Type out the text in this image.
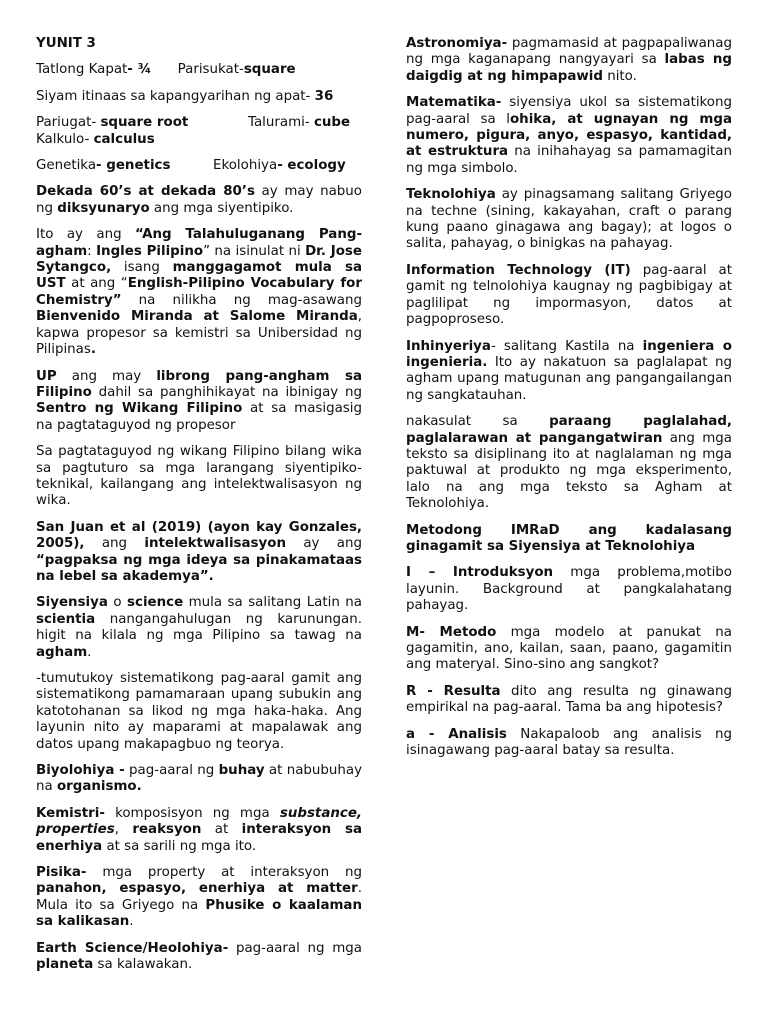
YUNIT 3

Tatlong Kapat- ¾ Parisukat-square

Siyam itinaas sa kapangyarihan ng apat- 36

Pariugat- square root	Talurami- cube

Kalkulo- calculus

Genetika- genetics	Ekolohiya- ecology

Dekada 60’s at dekada 80’s ay may nabuo ng diksyunaryo ang mga siyentipiko.

Ito ay ang “Ang Talahuluganang Pang-agham: Ingles Pilipino” na isinulat ni Dr. Jose Sytangco, isang manggagamot mula sa UST at ang “English-Pilipino Vocabulary for Chemistry” na nilikha ng mag-asawang Bienvenido Miranda at Salome Miranda, kapwa propesor sa kemistri sa Unibersidad ng Pilipinas.

UP ang may librong pang-angham sa Filipino dahil sa panghihikayat na ibinigay ng Sentro ng Wikang Filipino at sa masigasig na pagtataguyod ng propesor

Sa pagtataguyod ng wikang Filipino bilang wika sa pagtuturo sa mga larangang siyentipiko-teknikal, kailangang ang intelektwalisasyon ng wika.

San Juan et al (2019) (ayon kay Gonzales, 2005), ang intelektwalisasyon ay ang “pagpaksa ng mga ideya sa pinakamataas na lebel sa akademya”.

Siyensiya o science mula sa salitang Latin na scientia nangangahulugan ng karunungan. higit na kilala ng mga Pilipino sa tawag na agham.

-tumutukoy sistematikong pag-aaral gamit ang sistematikong pamamaraan upang subukin ang katotohanan sa likod ng mga haka-haka. Ang layunin nito ay maparami at mapalawak ang datos upang makapagbuo ng teorya.

Biyolohiya - pag-aaral ng buhay at nabubuhay na organismo.

Kemistri- komposisyon ng mga substance, properties, reaksyon at interaksyon sa enerhiya at sa sarili ng mga ito.

Pisika- mga property at interaksyon ng panahon, espasyo, enerhiya at matter. Mula ito sa Griyego na Phusike o kaalaman sa kalikasan.

Earth Science/Heolohiya- pag-aaral ng mga planeta sa kalawakan.

Astronomiya- pagmamasid at pagpapaliwanag ng mga kaganapang nangyayari sa labas ng daigdig at ng himpapawid nito.

Matematika- siyensiya ukol sa sistematikong pag-aaral sa lohika, at ugnayan ng mga numero, pigura, anyo, espasyo, kantidad, at estruktura na inihahayag sa pamamagitan ng mga simbolo.

Teknolohiya ay pinagsamang salitang Griyego na techne (sining, kakayahan, craft o parang kung paano ginagawa ang bagay); at logos o salita, pahayag, o binigkas na pahayag.

Information Technology (IT) pag-aaral at gamit ng telnolohiya kaugnay ng pagbibigay at paglilipat ng impormasyon, datos at pagpoproseso.

Inhinyeriya- salitang Kastila na ingeniera o ingenieria. Ito ay nakatuon sa paglalapat ng agham upang matugunan ang pangangailangan ng sangkatauhan.

nakasulat sa paraang paglalahad, paglalarawan at pangangatwiran ang mga teksto sa disiplinang ito at naglalaman ng mga paktuwal at produkto ng mga eksperimento, lalo na ang mga teksto sa Agham at Teknolohiya.

Metodong IMRaD ang kadalasang ginagamit sa Siyensiya at Teknolohiya

I – Introduksyon mga problema,motibo layunin. Background at pangkalahatang pahayag.

M- Metodo mga modelo at panukat na gagamitin, ano, kailan, saan, paano, gagamitin ang materyal. Sino-sino ang sangkot?

R - Resulta dito ang resulta ng ginawang empirikal na pag-aaral. Tama ba ang hipotesis?

a - Analisis Nakapaloob ang analisis ng isinagawang pag-aaral batay sa resulta.
